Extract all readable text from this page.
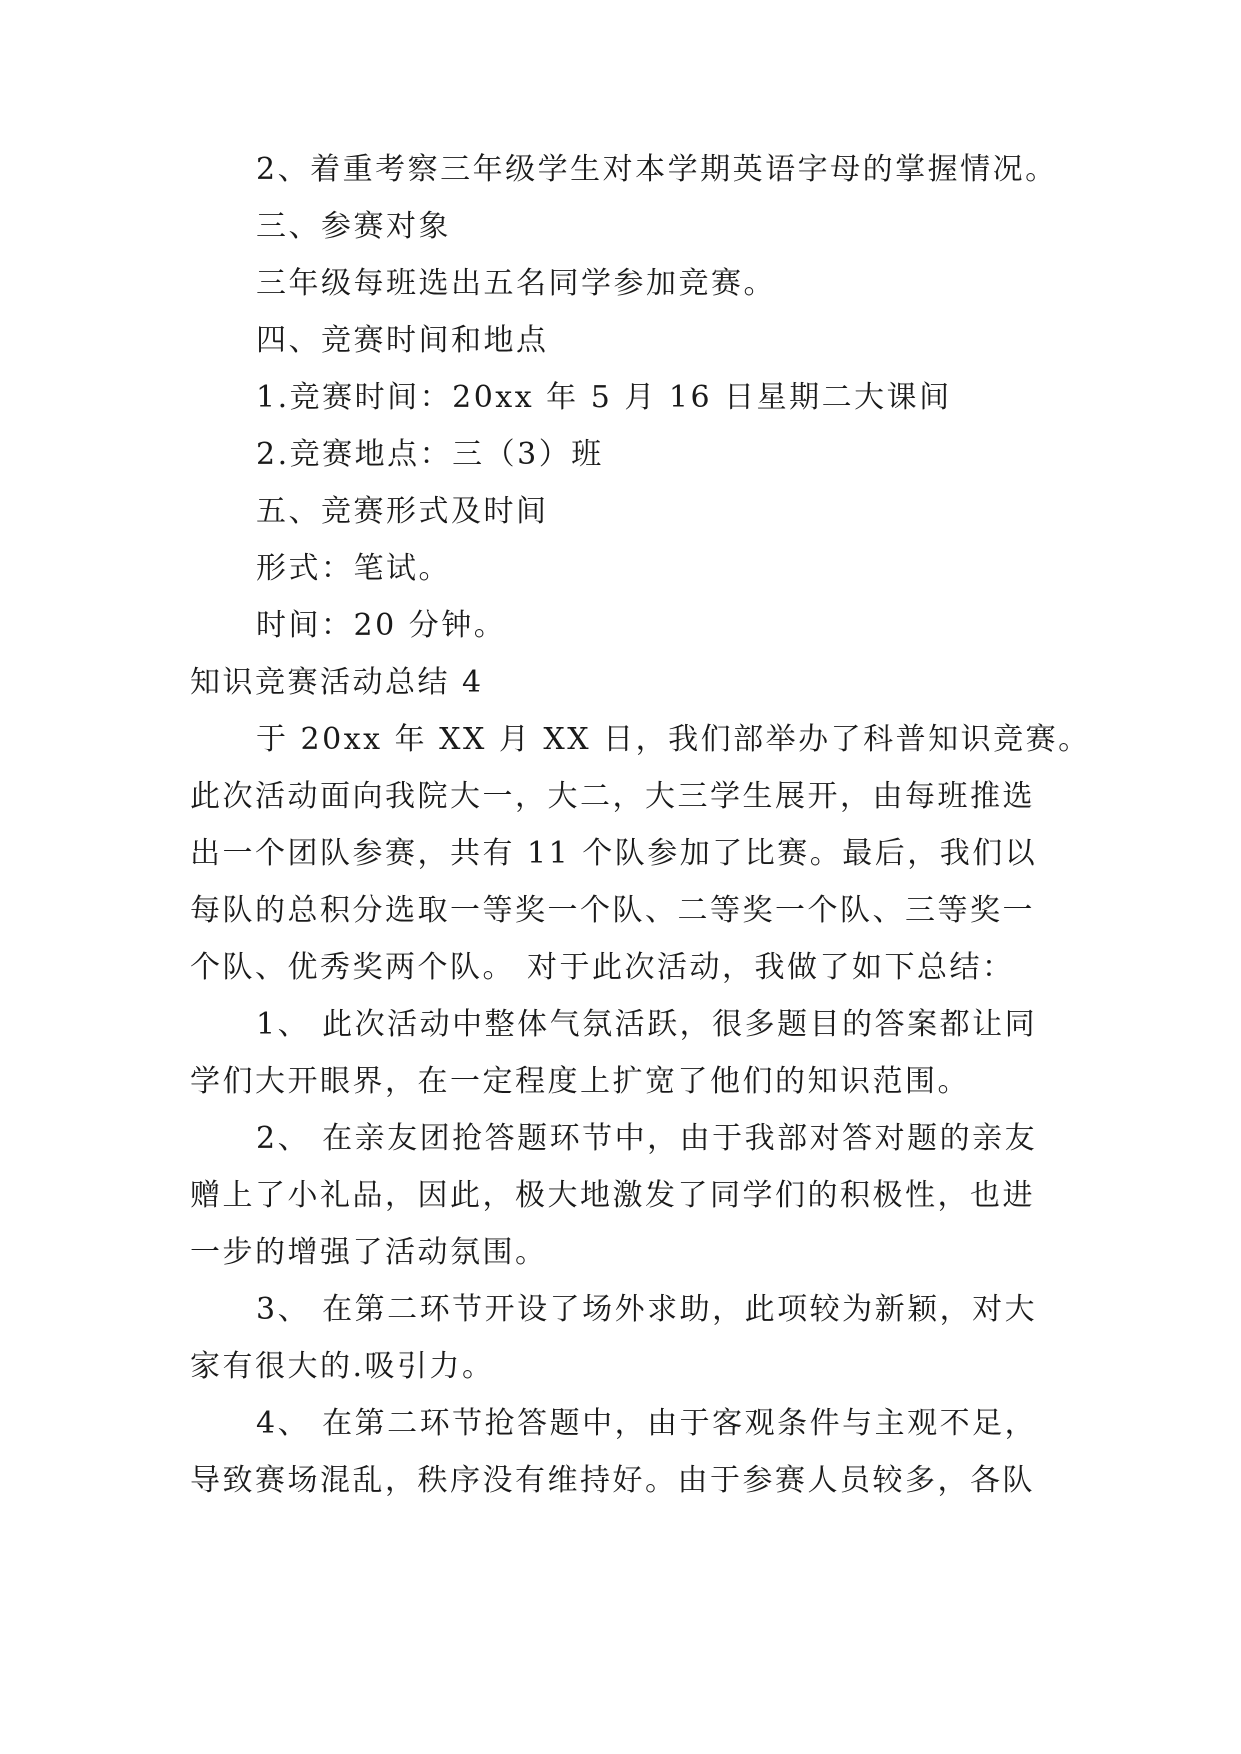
2、着重考察三年级学生对本学期英语字母的掌握情况。
三、参赛对象
三年级每班选出五名同学参加竞赛。
四、竞赛时间和地点
1.竞赛时间：20xx 年 5 月 16 日星期二大课间
2.竞赛地点：三（3）班
五、竞赛形式及时间
形式：笔试。
时间：20 分钟。
知识竞赛活动总结 4
于 20xx 年 XX 月 XX 日，我们部举办了科普知识竞赛。
此次活动面向我院大一，大二，大三学生展开，由每班推选
出一个团队参赛，共有 11 个队参加了比赛。最后，我们以
每队的总积分选取一等奖一个队、二等奖一个队、三等奖一
个队、优秀奖两个队。 对于此次活动，我做了如下总结：
1、 此次活动中整体气氛活跃，很多题目的答案都让同
学们大开眼界，在一定程度上扩宽了他们的知识范围。
2、 在亲友团抢答题环节中，由于我部对答对题的亲友
赠上了小礼品，因此，极大地激发了同学们的积极性，也进
一步的增强了活动氛围。
3、 在第二环节开设了场外求助，此项较为新颖，对大
家有很大的.吸引力。
4、 在第二环节抢答题中，由于客观条件与主观不足，
导致赛场混乱，秩序没有维持好。由于参赛人员较多，各队
